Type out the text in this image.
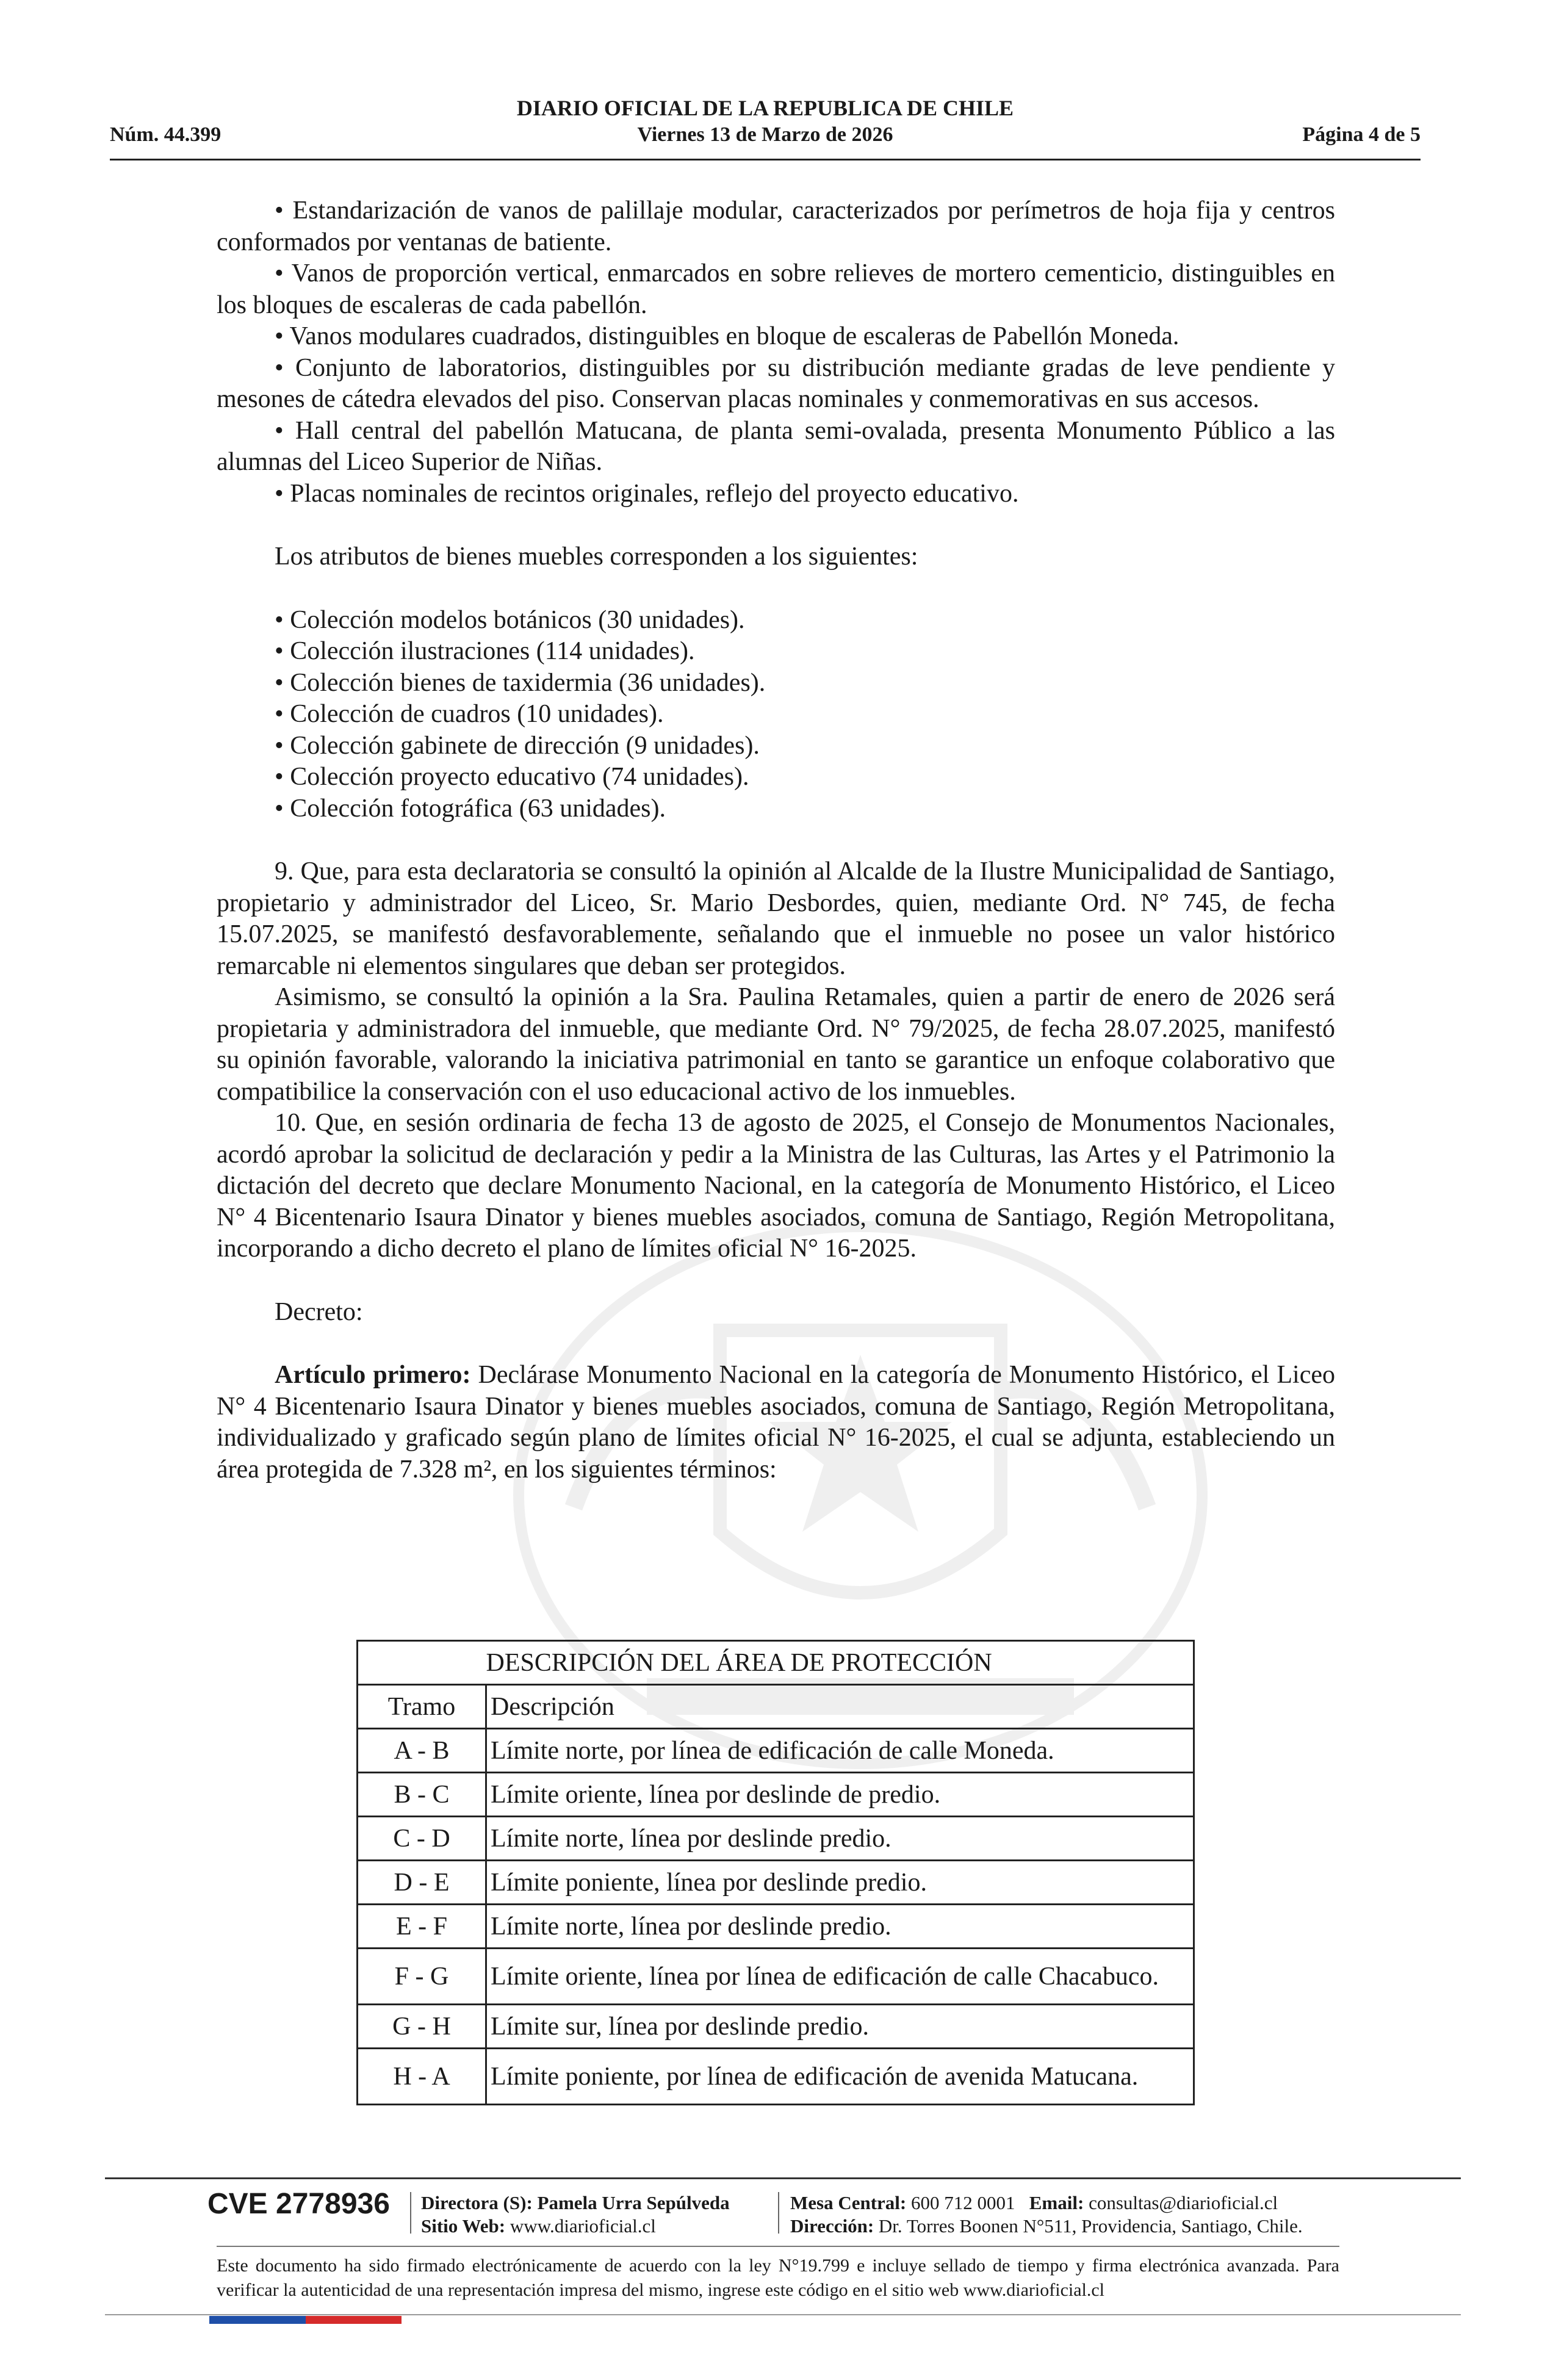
DIARIO OFICIAL DE LA REPUBLICA DE CHILE
Núm. 44.399	Viernes 13 de Marzo de 2026	Página 4 de 5

• Estandarización de vanos de palillaje modular, caracterizados por perímetros de hoja fija y centros conformados por ventanas de batiente.

• Vanos de proporción vertical, enmarcados en sobre relieves de mortero cementicio, distinguibles en los bloques de escaleras de cada pabellón.

• Vanos modulares cuadrados, distinguibles en bloque de escaleras de Pabellón Moneda.

• Conjunto de laboratorios, distinguibles por su distribución mediante gradas de leve pendiente y mesones de cátedra elevados del piso. Conservan placas nominales y conmemorativas en sus accesos.

• Hall central del pabellón Matucana, de planta semi-ovalada, presenta Monumento Público a las alumnas del Liceo Superior de Niñas.

• Placas nominales de recintos originales, reflejo del proyecto educativo.

Los atributos de bienes muebles corresponden a los siguientes:

• Colección modelos botánicos (30 unidades).

• Colección ilustraciones (114 unidades).

• Colección bienes de taxidermia (36 unidades).

• Colección de cuadros (10 unidades).

• Colección gabinete de dirección (9 unidades).

• Colección proyecto educativo (74 unidades).

• Colección fotográfica (63 unidades).

9. Que, para esta declaratoria se consultó la opinión al Alcalde de la Ilustre Municipalidad de Santiago, propietario y administrador del Liceo, Sr. Mario Desbordes, quien, mediante Ord. N° 745, de fecha 15.07.2025, se manifestó desfavorablemente, señalando que el inmueble no posee un valor histórico remarcable ni elementos singulares que deban ser protegidos.

Asimismo, se consultó la opinión a la Sra. Paulina Retamales, quien a partir de enero de 2026 será propietaria y administradora del inmueble, que mediante Ord. N° 79/2025, de fecha 28.07.2025, manifestó su opinión favorable, valorando la iniciativa patrimonial en tanto se garantice un enfoque colaborativo que compatibilice la conservación con el uso educacional activo de los inmuebles.

10. Que, en sesión ordinaria de fecha 13 de agosto de 2025, el Consejo de Monumentos Nacionales, acordó aprobar la solicitud de declaración y pedir a la Ministra de las Culturas, las Artes y el Patrimonio la dictación del decreto que declare Monumento Nacional, en la categoría de Monumento Histórico, el Liceo N° 4 Bicentenario Isaura Dinator y bienes muebles asociados, comuna de Santiago, Región Metropolitana, incorporando a dicho decreto el plano de límites oficial N° 16-2025.

Decreto:

Artículo primero: Declárase Monumento Nacional en la categoría de Monumento Histórico, el Liceo N° 4 Bicentenario Isaura Dinator y bienes muebles asociados, comuna de Santiago, Región Metropolitana, individualizado y graficado según plano de límites oficial N° 16-2025, el cual se adjunta, estableciendo un área protegida de 7.328 m², en los siguientes términos:

	DESCRIPCIÓN DEL ÁREA DE PROTECCIÓN
Tramo	Descripción
A - B	Límite norte, por línea de edificación de calle Moneda.
B - C	Límite oriente, línea por deslinde de predio.
C - D	Límite norte, línea por deslinde predio.
D - E	Límite poniente, línea por deslinde predio.
E - F	Límite norte, línea por deslinde predio.
F - G	Límite oriente, línea por línea de edificación de calle Chacabuco.
G - H	Límite sur, línea por deslinde predio.
H - A	Límite poniente, por línea de edificación de avenida Matucana.
CVE 2778936 Directora (S): Pamela Urra Sepúlveda
Sitio Web: www.diarioficial.cl
Mesa Central: 600 712 0001 Email: consultas@diarioficial.cl
Dirección: Dr. Torres Boonen N°511, Providencia, Santiago, Chile.
Este documento ha sido firmado electrónicamente de acuerdo con la ley N°19.799 e incluye sellado de tiempo y firma electrónica avanzada. Para verificar la autenticidad de una representación impresa del mismo, ingrese este código en el sitio web www.diarioficial.cl
